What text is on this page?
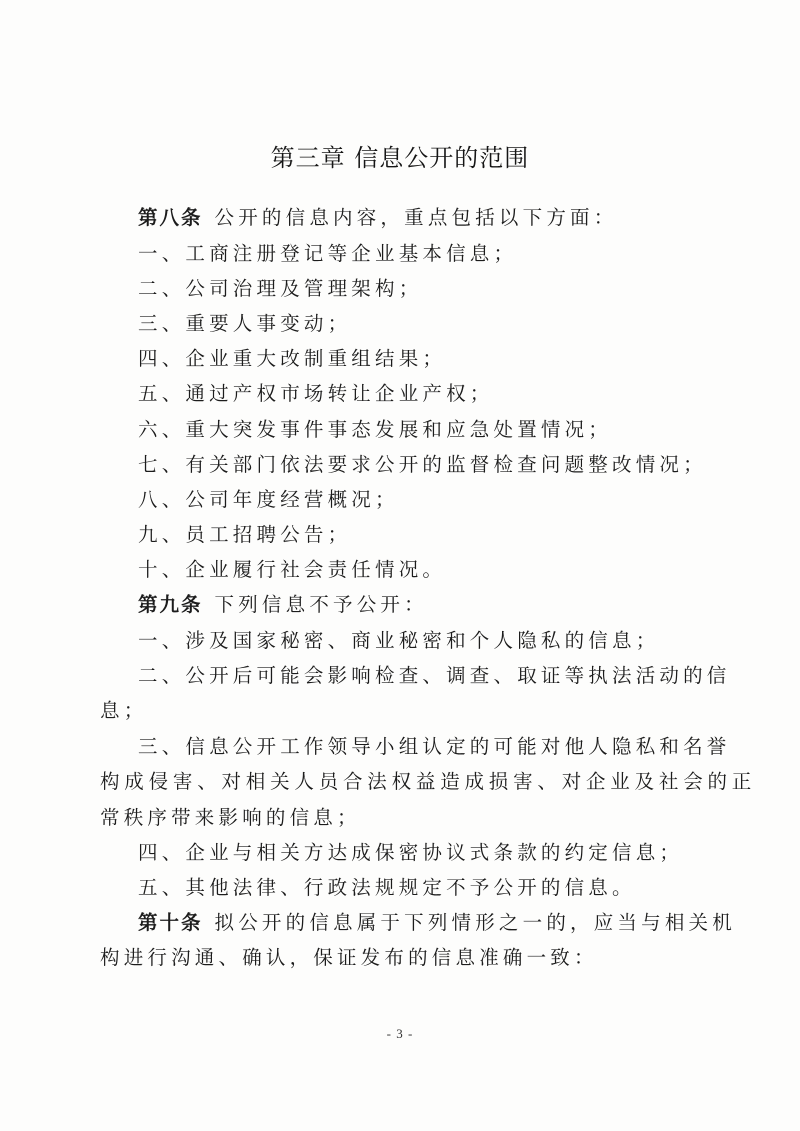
第三章 信息公开的范围
第八条 公开的信息内容，重点包括以下方面：
一、工商注册登记等企业基本信息；
二、公司治理及管理架构；
三、重要人事变动；
四、企业重大改制重组结果；
五、通过产权市场转让企业产权；
六、重大突发事件事态发展和应急处置情况；
七、有关部门依法要求公开的监督检查问题整改情况；
八、公司年度经营概况；
九、员工招聘公告；
十、企业履行社会责任情况。
第九条 下列信息不予公开：
一、涉及国家秘密、商业秘密和个人隐私的信息；
二、公开后可能会影响检查、调查、取证等执法活动的信
息；
三、信息公开工作领导小组认定的可能对他人隐私和名誉
构成侵害、对相关人员合法权益造成损害、对企业及社会的正
常秩序带来影响的信息；
四、企业与相关方达成保密协议式条款的约定信息；
五、其他法律、行政法规规定不予公开的信息。
第十条 拟公开的信息属于下列情形之一的，应当与相关机
构进行沟通、确认，保证发布的信息准确一致：
- 3 -
